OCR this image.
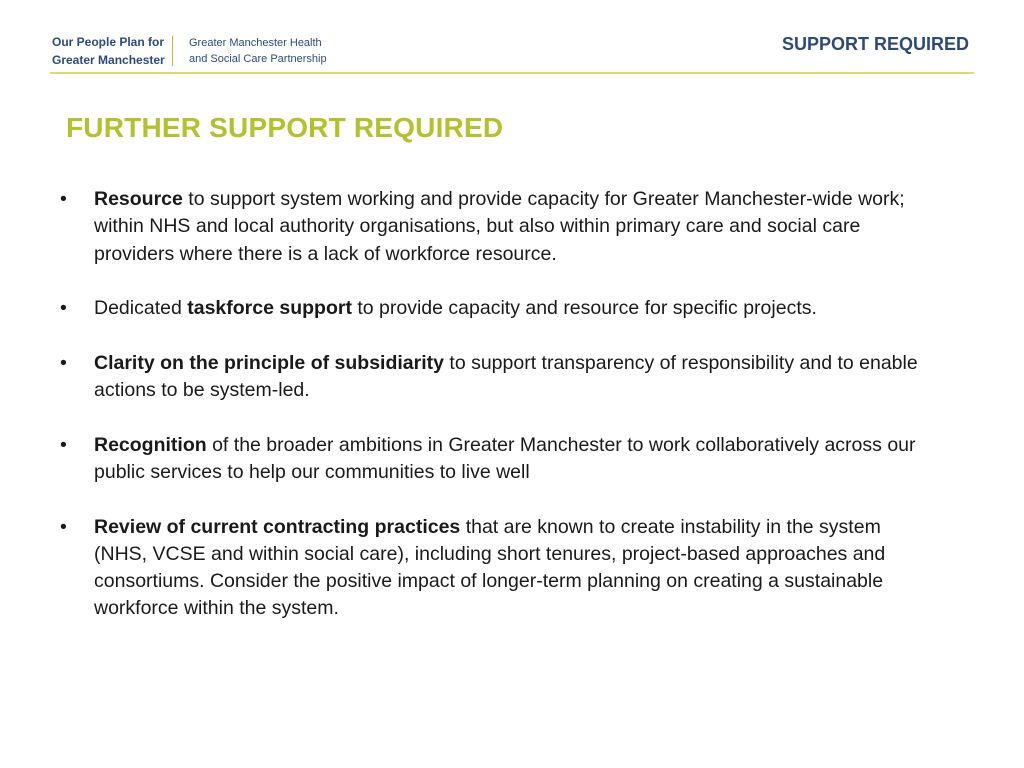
Our People Plan for
Greater Manchester
Greater Manchester Health
and Social Care Partnership
SUPPORT REQUIRED
FURTHER SUPPORT REQUIRED
• Resource to support system working and provide capacity for Greater Manchester-wide work; within NHS and local authority organisations, but also within primary care and social care providers where there is a lack of workforce resource.
• Dedicated taskforce support to provide capacity and resource for specific projects.
• Clarity on the principle of subsidiarity to support transparency of responsibility and to enable actions to be system-led.
• Recognition of the broader ambitions in Greater Manchester to work collaboratively across our public services to help our communities to live well
• Review of current contracting practices that are known to create instability in the system (NHS, VCSE and within social care), including short tenures, project-based approaches and consortiums. Consider the positive impact of longer-term planning on creating a sustainable workforce within the system.
